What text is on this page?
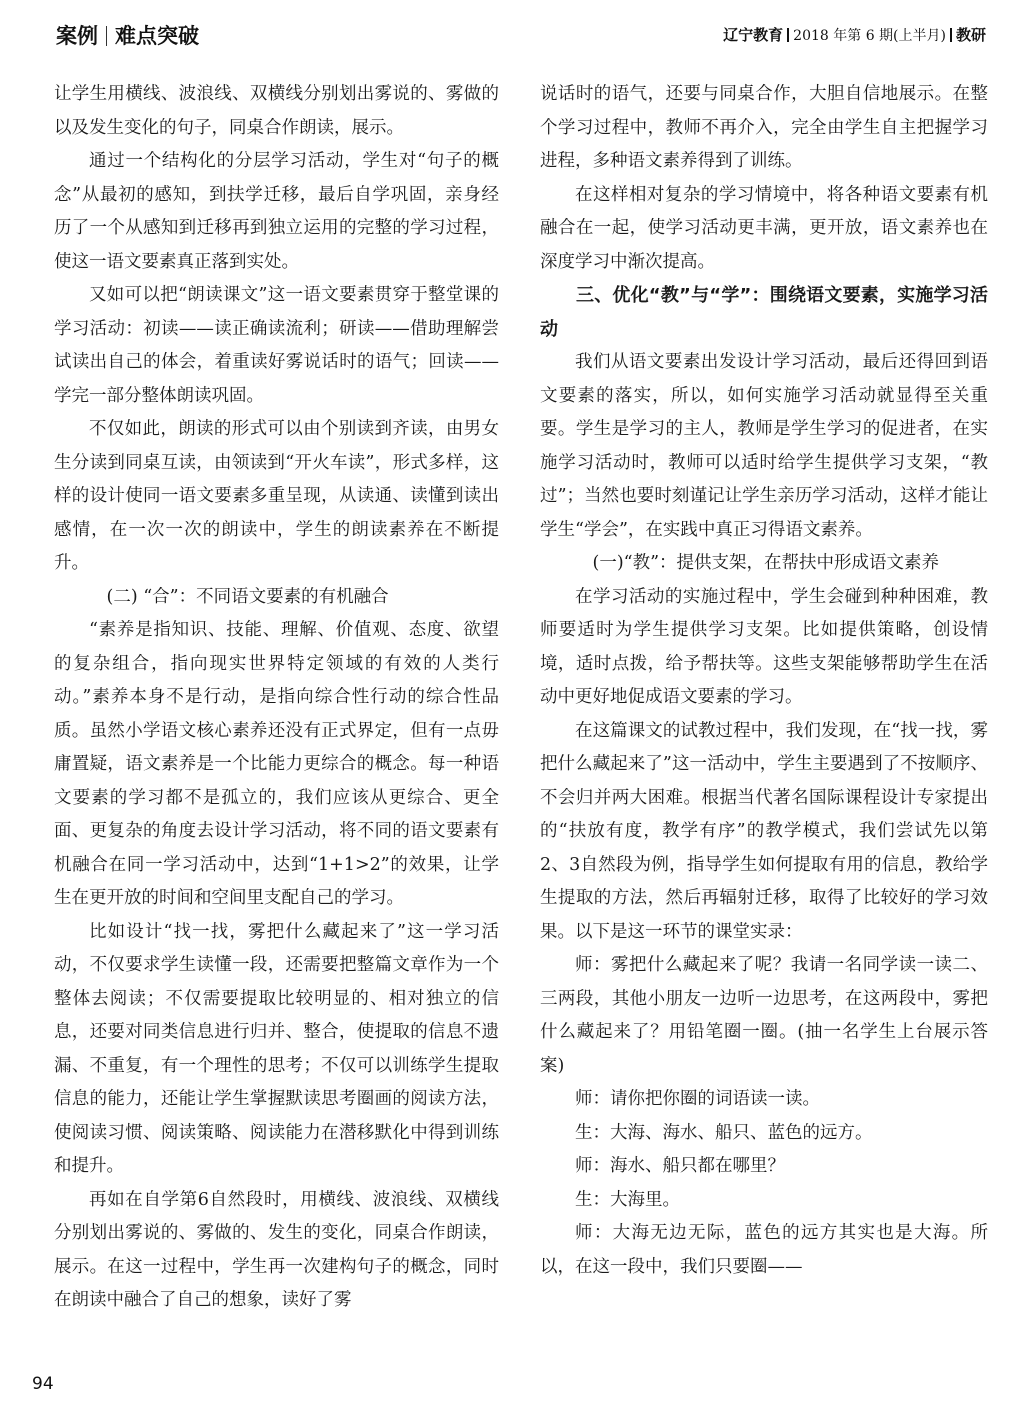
案例 难点突破	辽宁教育 2018 年第 6 期(上半月) 教研

让学生用横线、波浪线、双横线分别划出雾说的、雾做的以及发生变化的句子，同桌合作朗读，展示。

通过一个结构化的分层学习活动，学生对“句子的概念”从最初的感知，到扶学迁移，最后自学巩固，亲身经历了一个从感知到迁移再到独立运用的完整的学习过程，使这一语文要素真正落到实处。

又如可以把“朗读课文”这一语文要素贯穿于整堂课的学习活动：初读——读正确读流利；研读——借助理解尝试读出自己的体会，着重读好雾说话时的语气；回读——学完一部分整体朗读巩固。

不仅如此，朗读的形式可以由个别读到齐读，由男女生分读到同桌互读，由领读到“开火车读”，形式多样，这样的设计使同一语文要素多重呈现，从读通、读懂到读出感情，在一次一次的朗读中，学生的朗读素养在不断提升。

(二) “合”：不同语文要素的有机融合

“素养是指知识、技能、理解、价值观、态度、欲望的复杂组合，指向现实世界特定领域的有效的人类行动。”素养本身不是行动，是指向综合性行动的综合性品质。虽然小学语文核心素养还没有正式界定，但有一点毋庸置疑，语文素养是一个比能力更综合的概念。每一种语文要素的学习都不是孤立的，我们应该从更综合、更全面、更复杂的角度去设计学习活动，将不同的语文要素有机融合在同一学习活动中，达到“1+1>2”的效果，让学生在更开放的时间和空间里支配自己的学习。

比如设计“找一找，雾把什么藏起来了”这一学习活动，不仅要求学生读懂一段，还需要把整篇文章作为一个整体去阅读；不仅需要提取比较明显的、相对独立的信息，还要对同类信息进行归并、整合，使提取的信息不遗漏、不重复，有一个理性的思考；不仅可以训练学生提取信息的能力，还能让学生掌握默读思考圈画的阅读方法，使阅读习惯、阅读策略、阅读能力在潜移默化中得到训练和提升。

再如在自学第6自然段时，用横线、波浪线、双横线分别划出雾说的、雾做的、发生的变化，同桌合作朗读，展示。在这一过程中，学生再一次建构句子的概念，同时在朗读中融合了自己的想象，读好了雾

说话时的语气，还要与同桌合作，大胆自信地展示。在整个学习过程中，教师不再介入，完全由学生自主把握学习进程，多种语文素养得到了训练。

在这样相对复杂的学习情境中，将各种语文要素有机融合在一起，使学习活动更丰满，更开放，语文素养也在深度学习中渐次提高。

三、优化“教”与“学”：围绕语文要素，实施学习活动

我们从语文要素出发设计学习活动，最后还得回到语文要素的落实，所以，如何实施学习活动就显得至关重要。学生是学习的主人，教师是学生学习的促进者，在实施学习活动时，教师可以适时给学生提供学习支架，“教过”；当然也要时刻谨记让学生亲历学习活动，这样才能让学生“学会”，在实践中真正习得语文素养。

(一)“教”：提供支架，在帮扶中形成语文素养

在学习活动的实施过程中，学生会碰到种种困难，教师要适时为学生提供学习支架。比如提供策略，创设情境，适时点拨，给予帮扶等。这些支架能够帮助学生在活动中更好地促成语文要素的学习。

在这篇课文的试教过程中，我们发现，在“找一找，雾把什么藏起来了”这一活动中，学生主要遇到了不按顺序、不会归并两大困难。根据当代著名国际课程设计专家提出的“扶放有度，教学有序”的教学模式，我们尝试先以第2、3自然段为例，指导学生如何提取有用的信息，教给学生提取的方法，然后再辐射迁移，取得了比较好的学习效果。以下是这一环节的课堂实录：

师：雾把什么藏起来了呢？我请一名同学读一读二、三两段，其他小朋友一边听一边思考，在这两段中，雾把什么藏起来了？用铅笔圈一圈。(抽一名学生上台展示答案)

师：请你把你圈的词语读一读。

生：大海、海水、船只、蓝色的远方。

师：海水、船只都在哪里？

生：大海里。

师：大海无边无际，蓝色的远方其实也是大海。所以，在这一段中，我们只要圈——

94
